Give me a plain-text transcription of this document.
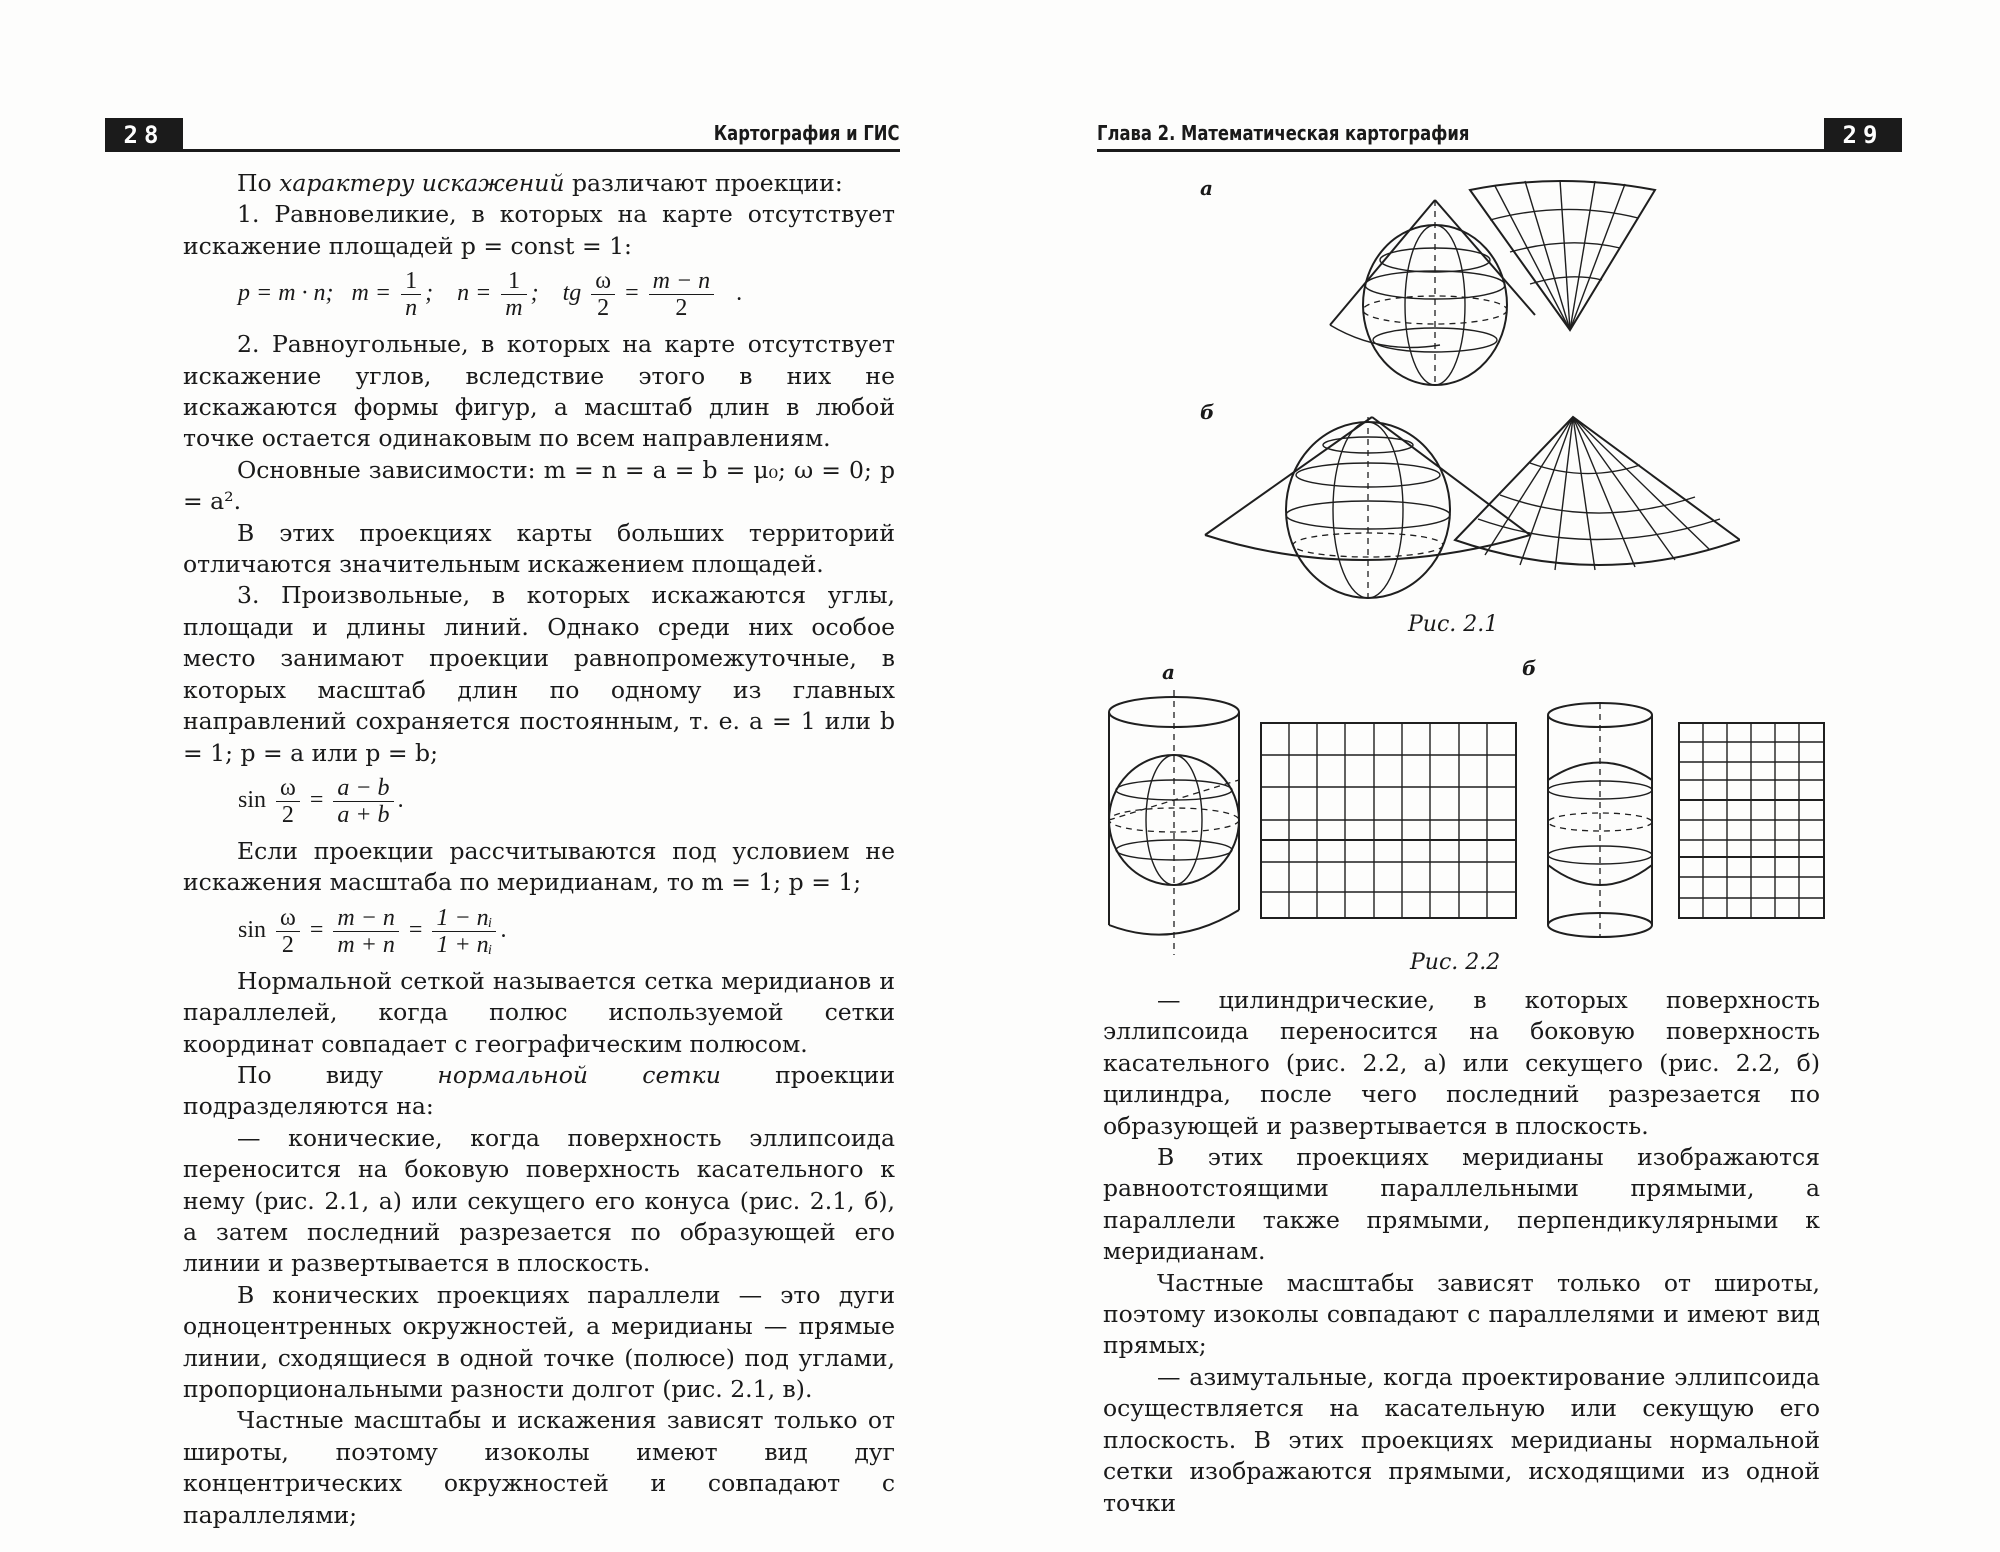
28	Картография и ГИС

По характеру искажений различают проекции:

1. Равновеликие, в которых на карте отсутствует искажение площадей p = const = 1:

p = m · n; $m = \frac{1}{n}$ ; $n = \frac{1}{m}$ ; tg $\frac{\omega}{2} = \frac{m - n}{2}$ .

2. Равноугольные, в которых на карте отсутствует искажение углов, вследствие этого в них не искажаются формы фигур, а масштаб длин в любой точке остается одинаковым по всем направлениям.

Основные зависимости: m = n = a = b = μ₀; ω = 0; p = a².

В этих проекциях карты больших территорий отличаются значительным искажением площадей.

3. Произвольные, в которых искажаются углы, площади и длины линий. Однако среди них особое место занимают проекции равнопромежуточные, в которых масштаб длин по одному из главных направлений сохраняется постоянным, т. е. a = 1 или b = 1; p = a или p = b;

$\sin \frac{\omega}{2} = \frac{a - b}{a + b}$ .

Если проекции рассчитываются под условием не искажения масштаба по меридианам, то m = 1; p = 1;

$\sin \frac{\omega}{2} = \frac{m - n}{m + n} = \frac{\text{1 − nᵢ}}{\text{1 + nᵢ}}$ .

Нормальной сеткой называется сетка меридианов и параллелей, когда полюс используемой сетки координат совпадает с географическим полюсом.

По виду нормальной сетки проекции подразделяются на:

— конические, когда поверхность эллипсоида переносится на боковую поверхность касательного к нему (рис. 2.1, а) или секущего его конуса (рис. 2.1, б), а затем последний разрезается по образующей его линии и развертывается в плоскость.

В конических проекциях параллели — это дуги одноцентренных окружностей, а меридианы — прямые линии, сходящиеся в одной точке (полюсе) под углами, пропорциональными разности долгот (рис. 2.1, в).

Частные масштабы и искажения зависят только от широты, поэтому изоколы имеют вид дуг концентрических окружностей и совпадают с параллелями;

Глава 2. Математическая картография	29
а
б
Рис. 2.1
а	б
Рис. 2.2

— цилиндрические, в которых поверхность эллипсоида переносится на боковую поверхность касательного (рис. 2.2, а) или секущего (рис. 2.2, б) цилиндра, после чего последний разрезается по образующей и развертывается в плоскость.

В этих проекциях меридианы изображаются равноотстоящими параллельными прямыми, а параллели также прямыми, перпендикулярными к меридианам.

Частные масштабы зависят только от широты, поэтому изоколы совпадают с параллелями и имеют вид прямых;

— азимутальные, когда проектирование эллипсоида осуществляется на касательную или секущую его плоскость. В этих проекциях меридианы нормальной сетки изображаются прямыми, исходящими из одной точки
